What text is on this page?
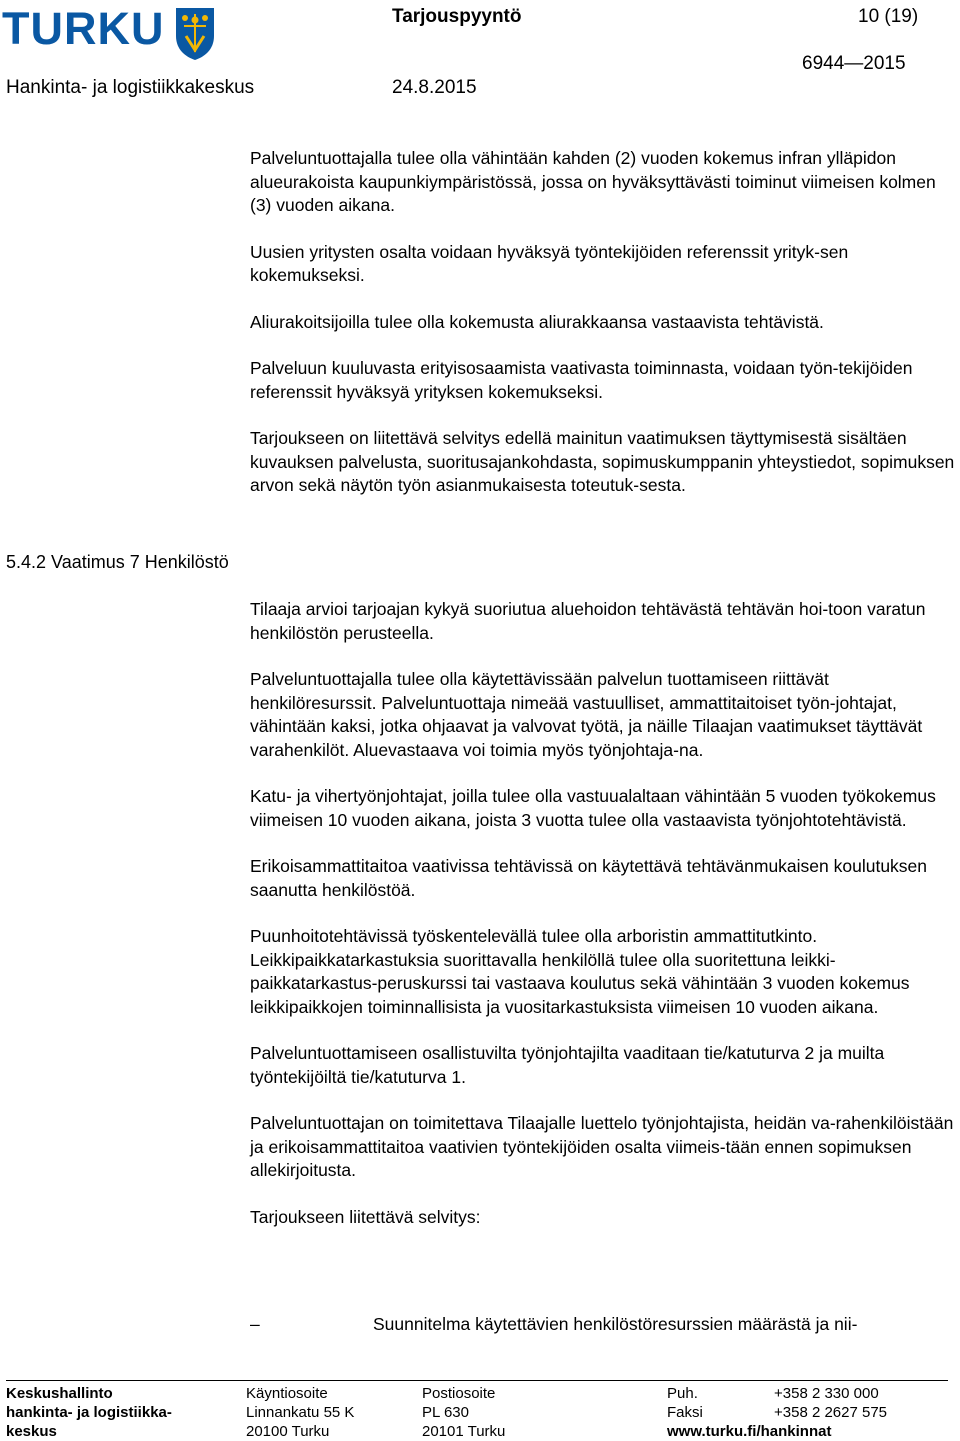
TURKU	Tarjouspyyntö	10 (19)
6944—2015
Hankinta- ja logistiikkakeskus	24.8.2015

Palveluntuottajalla tulee olla vähintään kahden (2) vuoden kokemus infran ylläpidon alueurakoista kaupunkiympäristössä, jossa on hyväksyttävästi toiminut viimeisen kolmen (3) vuoden aikana.

Uusien yritysten osalta voidaan hyväksyä työntekijöiden referenssit yrityk-sen kokemukseksi.

Aliurakoitsijoilla tulee olla kokemusta aliurakkaansa vastaavista tehtävistä.

Palveluun kuuluvasta erityisosaamista vaativasta toiminnasta, voidaan työn-tekijöiden referenssit hyväksyä yrityksen kokemukseksi.

Tarjoukseen on liitettävä selvitys edellä mainitun vaatimuksen täyttymisestä sisältäen kuvauksen palvelusta, suoritusajankohdasta, sopimuskumppanin yhteystiedot, sopimuksen arvon sekä näytön työn asianmukaisesta toteutuk-sesta.

5.4.2 Vaatimus 7 Henkilöstö

Tilaaja arvioi tarjoajan kykyä suoriutua aluehoidon tehtävästä tehtävän hoi-toon varatun henkilöstön perusteella.

Palveluntuottajalla tulee olla käytettävissään palvelun tuottamiseen riittävät henkilöresurssit. Palveluntuottaja nimeää vastuulliset, ammattitaitoiset työn-johtajat, vähintään kaksi, jotka ohjaavat ja valvovat työtä, ja näille Tilaajan vaatimukset täyttävät varahenkilöt. Aluevastaava voi toimia myös työnjohtaja-na.

Katu- ja vihertyönjohtajat, joilla tulee olla vastuualaltaan vähintään 5 vuoden työkokemus viimeisen 10 vuoden aikana, joista 3 vuotta tulee olla vastaavista työnjohtotehtävistä.

Erikoisammattitaitoa vaativissa tehtävissä on käytettävä tehtävänmukaisen koulutuksen saanutta henkilöstöä.

Puunhoitotehtävissä työskentelevällä tulee olla arboristin ammattitutkinto. Leikkipaikkatarkastuksia suorittavalla henkilöllä tulee olla suoritettuna leikki-paikkatarkastus-peruskurssi tai vastaava koulutus sekä vähintään 3 vuoden kokemus leikkipaikkojen toiminnallisista ja vuositarkastuksista viimeisen 10 vuoden aikana.

Palveluntuottamiseen osallistuvilta työnjohtajilta vaaditaan tie/katuturva 2 ja muilta työntekijöiltä tie/katuturva 1.

Palveluntuottajan on toimitettava Tilaajalle luettelo työnjohtajista, heidän va-rahenkilöistään ja erikoisammattitaitoa vaativien työntekijöiden osalta viimeis-tään ennen sopimuksen allekirjoitusta.

Tarjoukseen liitettävä selvitys:

–	Suunnitelma käytettävien henkilöstöresurssien määrästä ja nii-
Keskushallinto
hankinta- ja logistiikka-
keskus
Käyntiosoite
Linnankatu 55 K
20100 Turku
Postiosoite
PL 630
20101 Turku
Puh.	+358 2 330 000
Faksi	+358 2 2627 575
www.turku.fi/hankinnat
